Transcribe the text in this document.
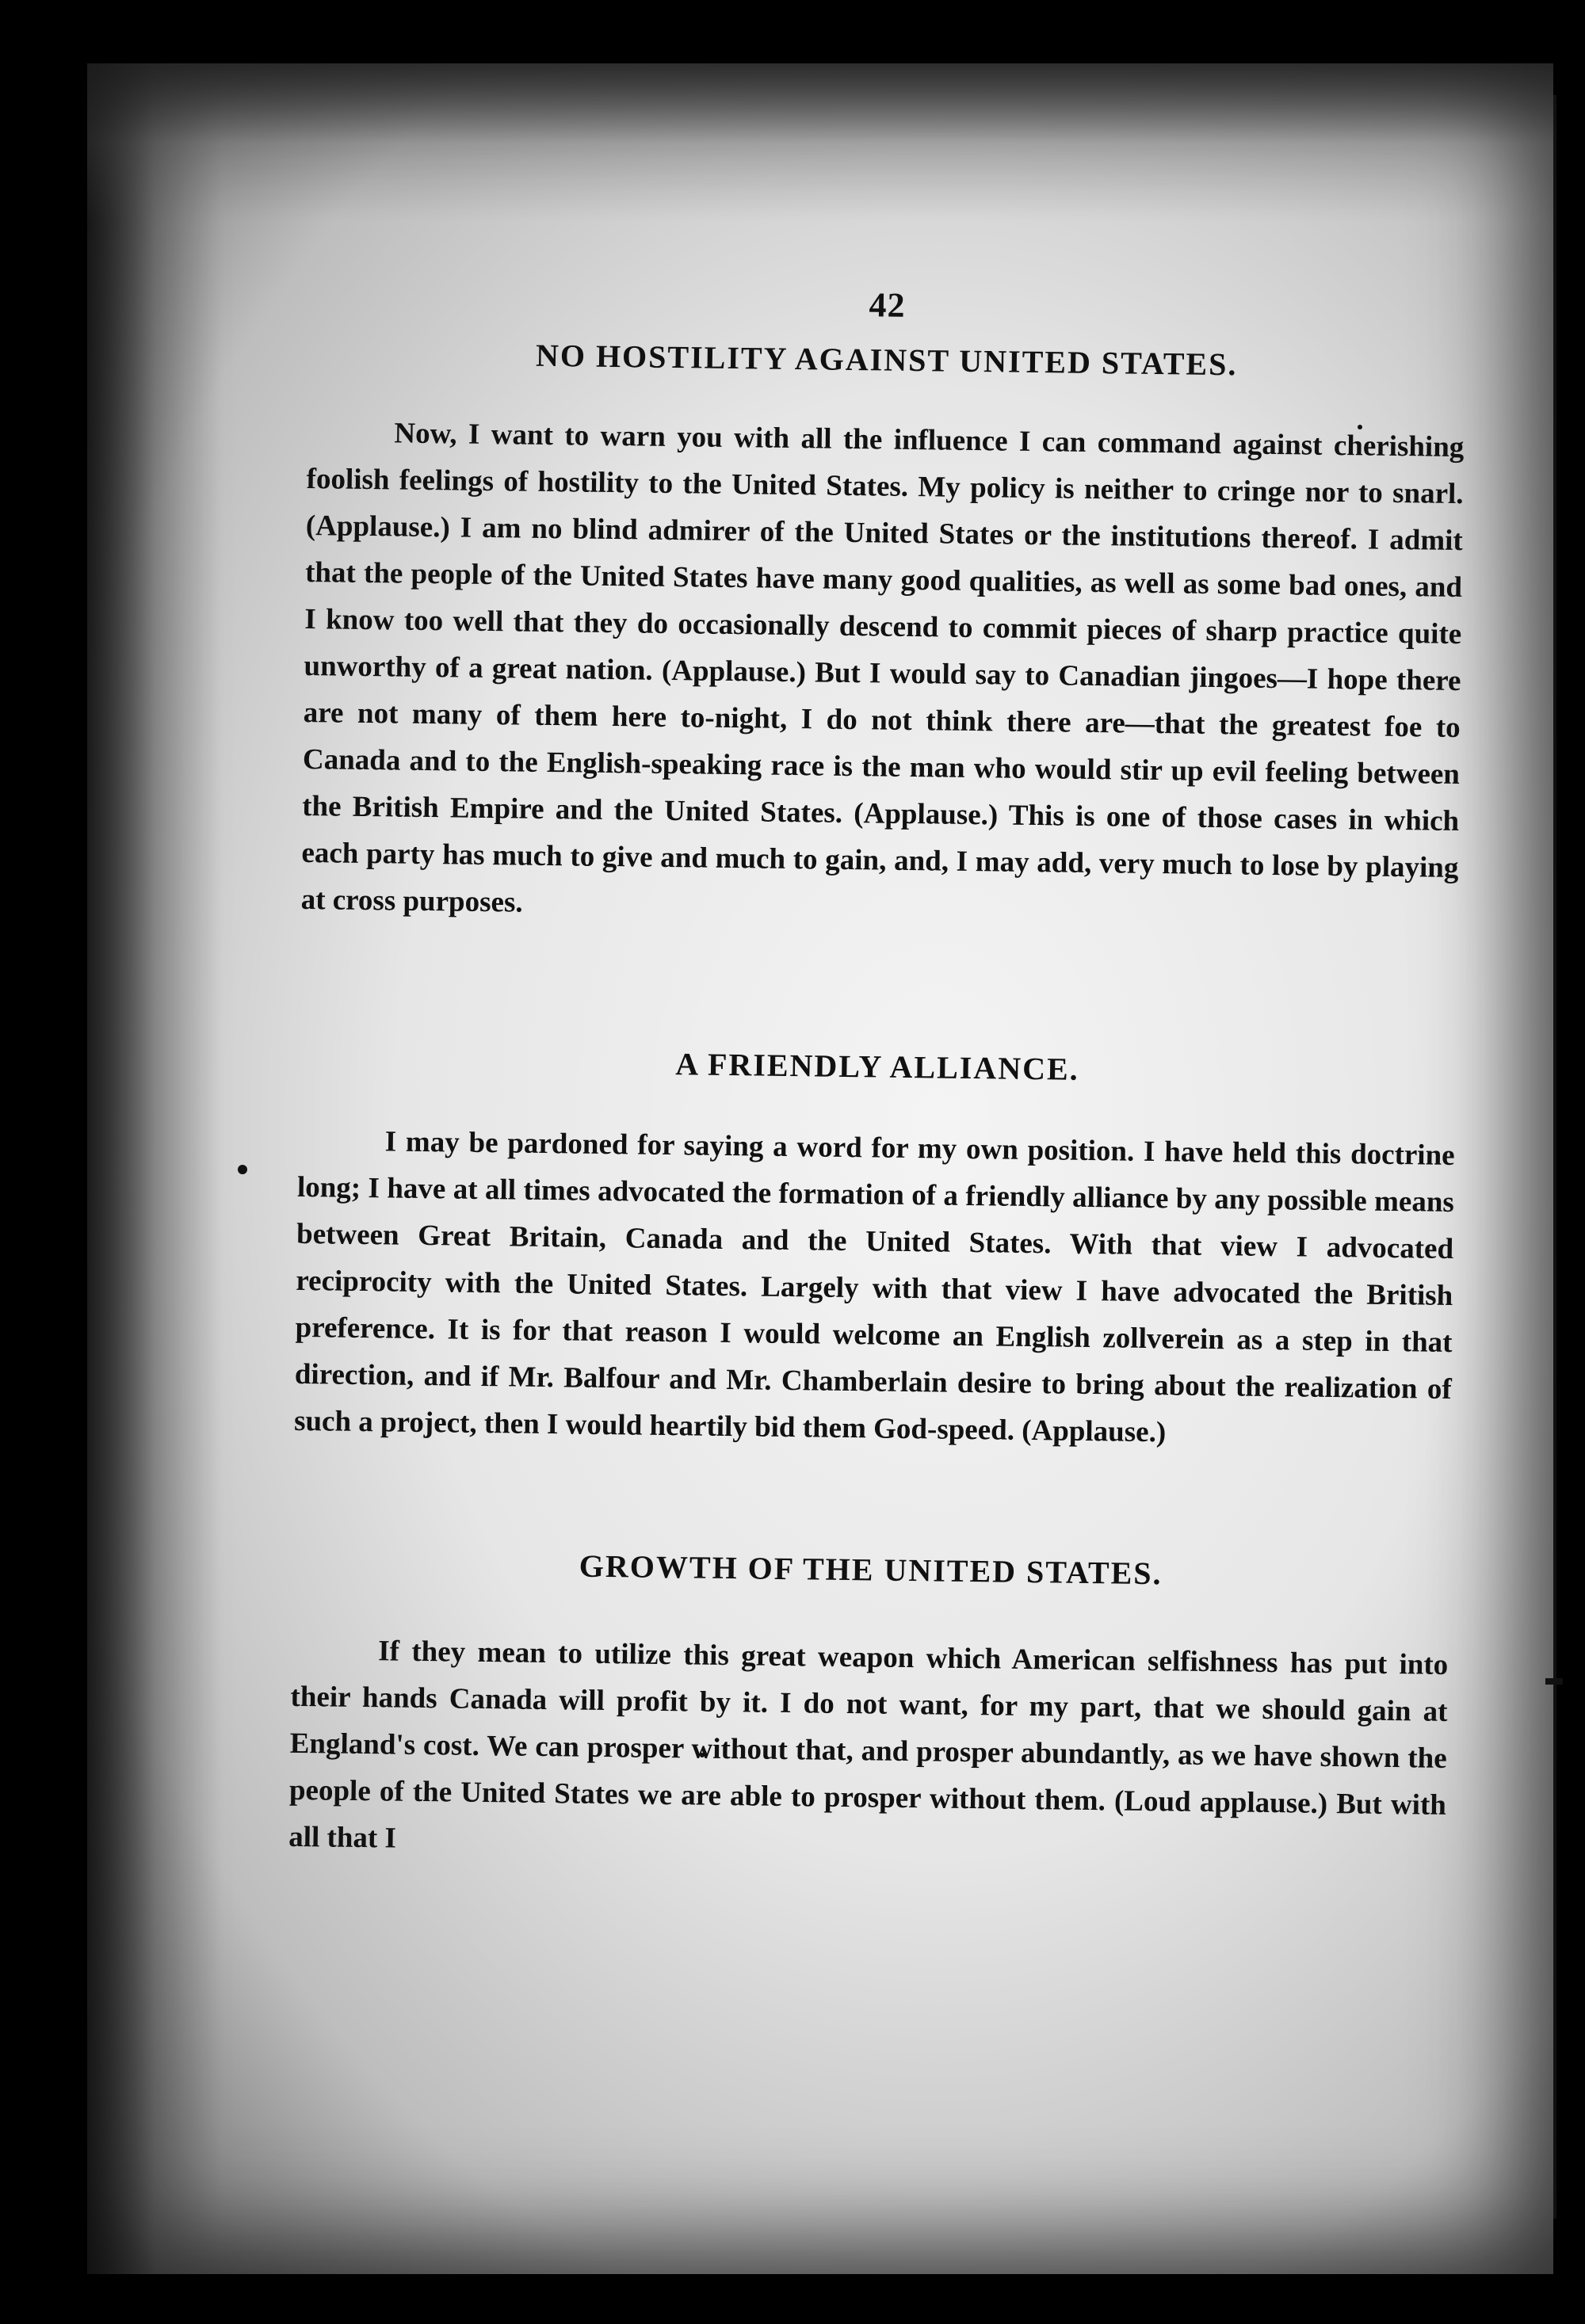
42
NO HOSTILITY AGAINST UNITED STATES.

Now, I want to warn you with all the influence I can command against cherishing foolish feelings of hostility to the United States. My policy is neither to cringe nor to snarl. (Applause.) I am no blind admirer of the United States or the institutions thereof. I admit that the people of the United States have many good qualities, as well as some bad ones, and I know too well that they do occasionally descend to commit pieces of sharp practice quite unworthy of a great nation. (Applause.) But I would say to Canadian jingoes—I hope there are not many of them here to-night, I do not think there are—that the greatest foe to Canada and to the English-speaking race is the man who would stir up evil feeling between the British Empire and the United States. (Applause.) This is one of those cases in which each party has much to give and much to gain, and, I may add, very much to lose by playing at cross purposes.

A FRIENDLY ALLIANCE.

I may be pardoned for saying a word for my own position. I have held this doctrine long; I have at all times advocated the formation of a friendly alliance by any possible means between Great Britain, Canada and the United States. With that view I advocated reciprocity with the United States. Largely with that view I have advocated the British preference. It is for that reason I would welcome an English zollverein as a step in that direction, and if Mr. Balfour and Mr. Chamberlain desire to bring about the realization of such a project, then I would heartily bid them God-speed. (Applause.)

GROWTH OF THE UNITED STATES.

If they mean to utilize this great weapon which American selfishness has put into their hands Canada will profit by it. I do not want, for my part, that we should gain at England's cost. We can prosper without that, and prosper abundantly, as we have shown the people of the United States we are able to prosper without them. (Loud applause.) But with all that I
